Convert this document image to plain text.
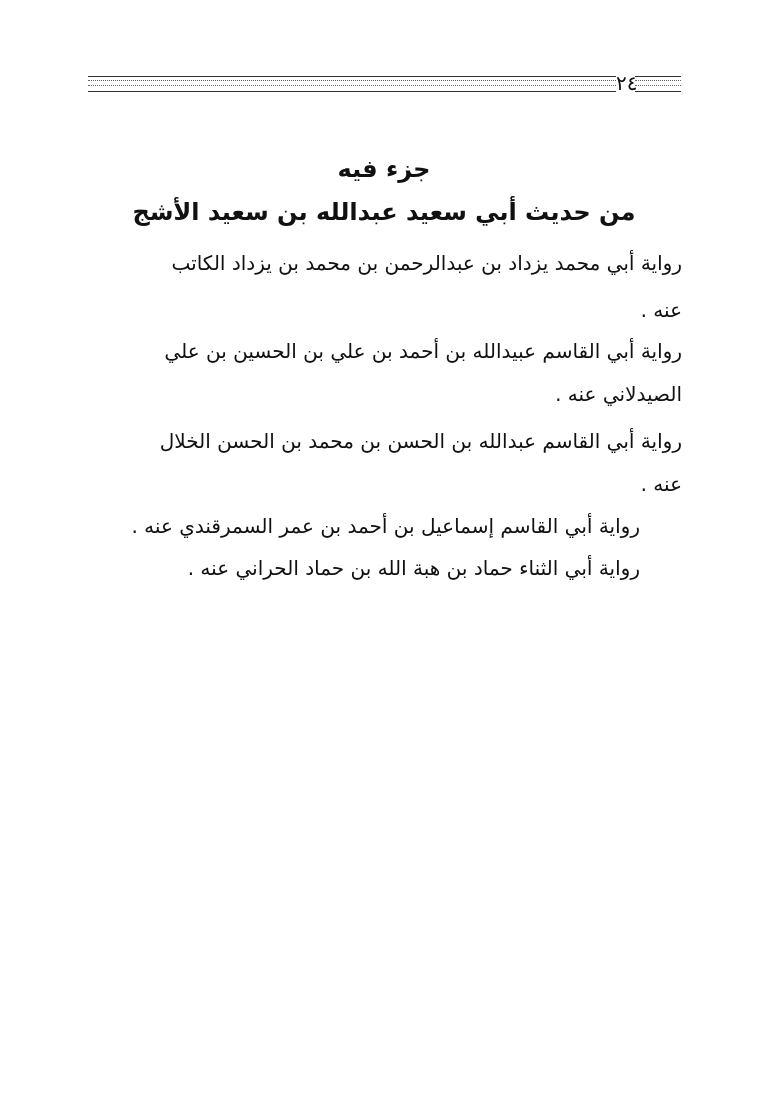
٢٤
جزء فيه
من حديث أبي سعيد عبدالله بن سعيد الأشج
رواية أبي محمد يزداد بن عبدالرحمن بن محمد بن يزداد الكاتب
عنه .
رواية أبي القاسم عبيدالله بن أحمد بن علي بن الحسين بن علي
الصيدلاني عنه .
رواية أبي القاسم عبدالله بن الحسن بن محمد بن الحسن الخلال
عنه .
رواية أبي القاسم إسماعيل بن أحمد بن عمر السمرقندي عنه .
رواية أبي الثناء حماد بن هبة الله بن حماد الحراني عنه .
